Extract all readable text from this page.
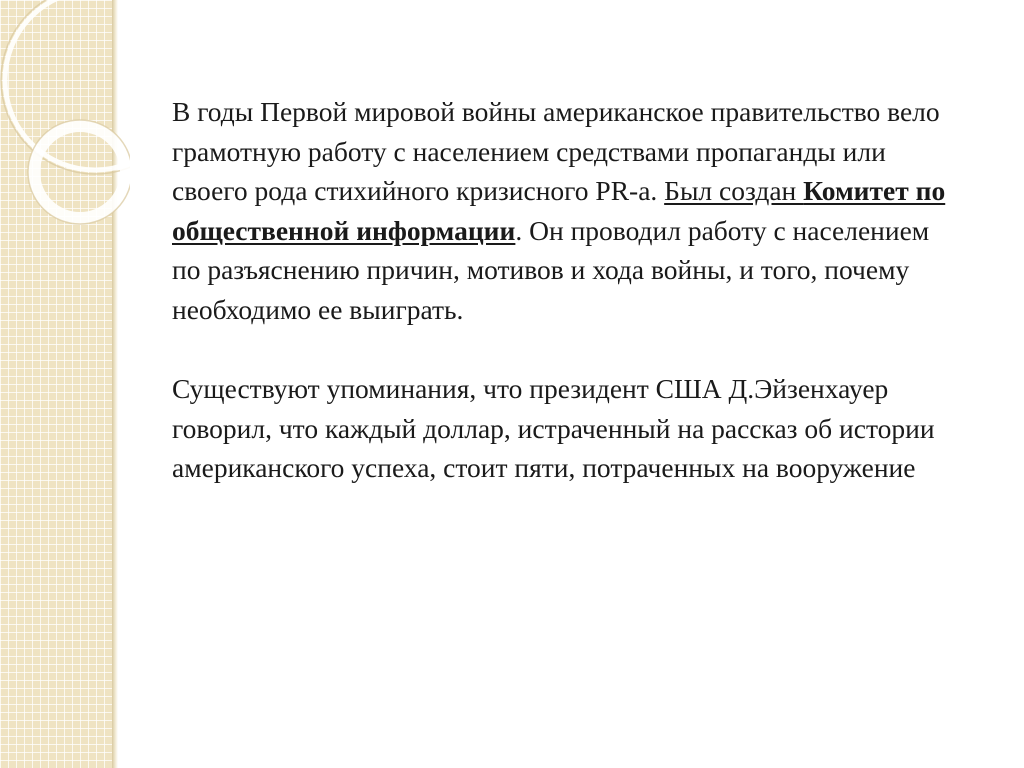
В годы Первой мировой войны американское правительство вело грамотную работу с населением средствами пропаганды или своего рода стихийного кризисного PR-а. Был создан Комитет по общественной информации. Он проводил работу с населением по разъяснению причин, мотивов и хода войны, и того, почему необходимо ее выиграть.

Существуют упоминания, что президент США Д.Эйзенхауер говорил, что каждый доллар, истраченный на рассказ об истории американского успеха, стоит пяти, потраченных на вооружение
